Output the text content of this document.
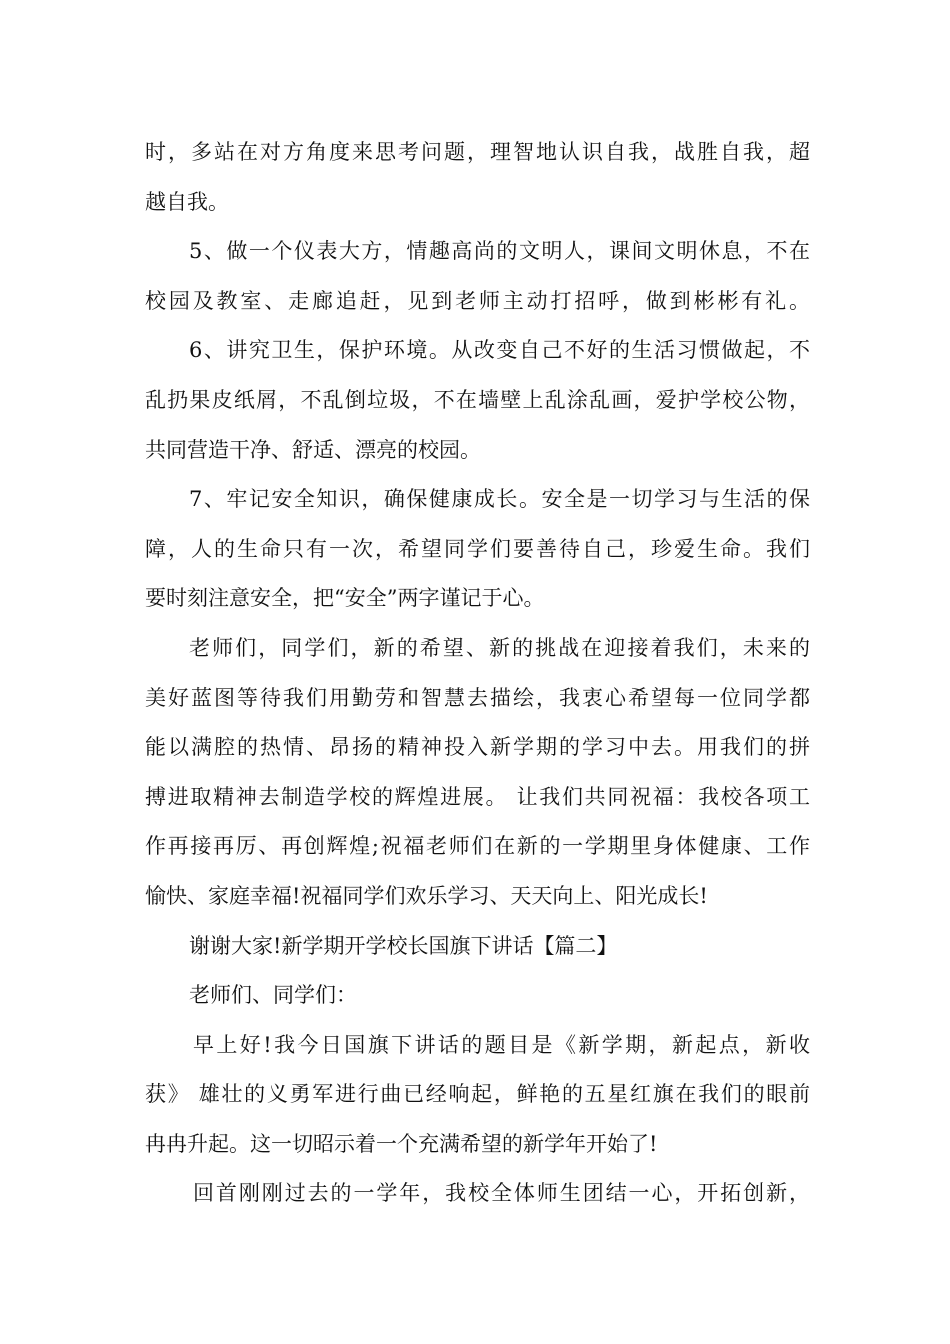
时，多站在对方角度来思考问题，理智地认识自我，战胜自我，超
越自我。
5、做一个仪表大方，情趣高尚的文明人，课间文明休息，不在
校园及教室、走廊追赶，见到老师主动打招呼，做到彬彬有礼。
6、讲究卫生，保护环境。从改变自己不好的生活习惯做起，不
乱扔果皮纸屑，不乱倒垃圾，不在墙壁上乱涂乱画，爱护学校公物，
共同营造干净、舒适、漂亮的校园。
7、牢记安全知识，确保健康成长。安全是一切学习与生活的保
障，人的生命只有一次，希望同学们要善待自己，珍爱生命。我们
要时刻注意安全，把“安全”两字谨记于心。
老师们，同学们，新的希望、新的挑战在迎接着我们，未来的
美好蓝图等待我们用勤劳和智慧去描绘，我衷心希望每一位同学都
能以满腔的热情、昂扬的精神投入新学期的学习中去。用我们的拼
搏进取精神去制造学校的辉煌进展。 让我们共同祝福：我校各项工
作再接再厉、再创辉煌;祝福老师们在新的一学期里身体健康、工作
愉快、家庭幸福!祝福同学们欢乐学习、天天向上、阳光成长!
谢谢大家!新学期开学校长国旗下讲话【篇二】
老师们、同学们：
早上好!我今日国旗下讲话的题目是《新学期，新起点，新收
获》 雄壮的义勇军进行曲已经响起，鲜艳的五星红旗在我们的眼前
冉冉升起。这一切昭示着一个充满希望的新学年开始了!
回首刚刚过去的一学年，我校全体师生团结一心，开拓创新，
